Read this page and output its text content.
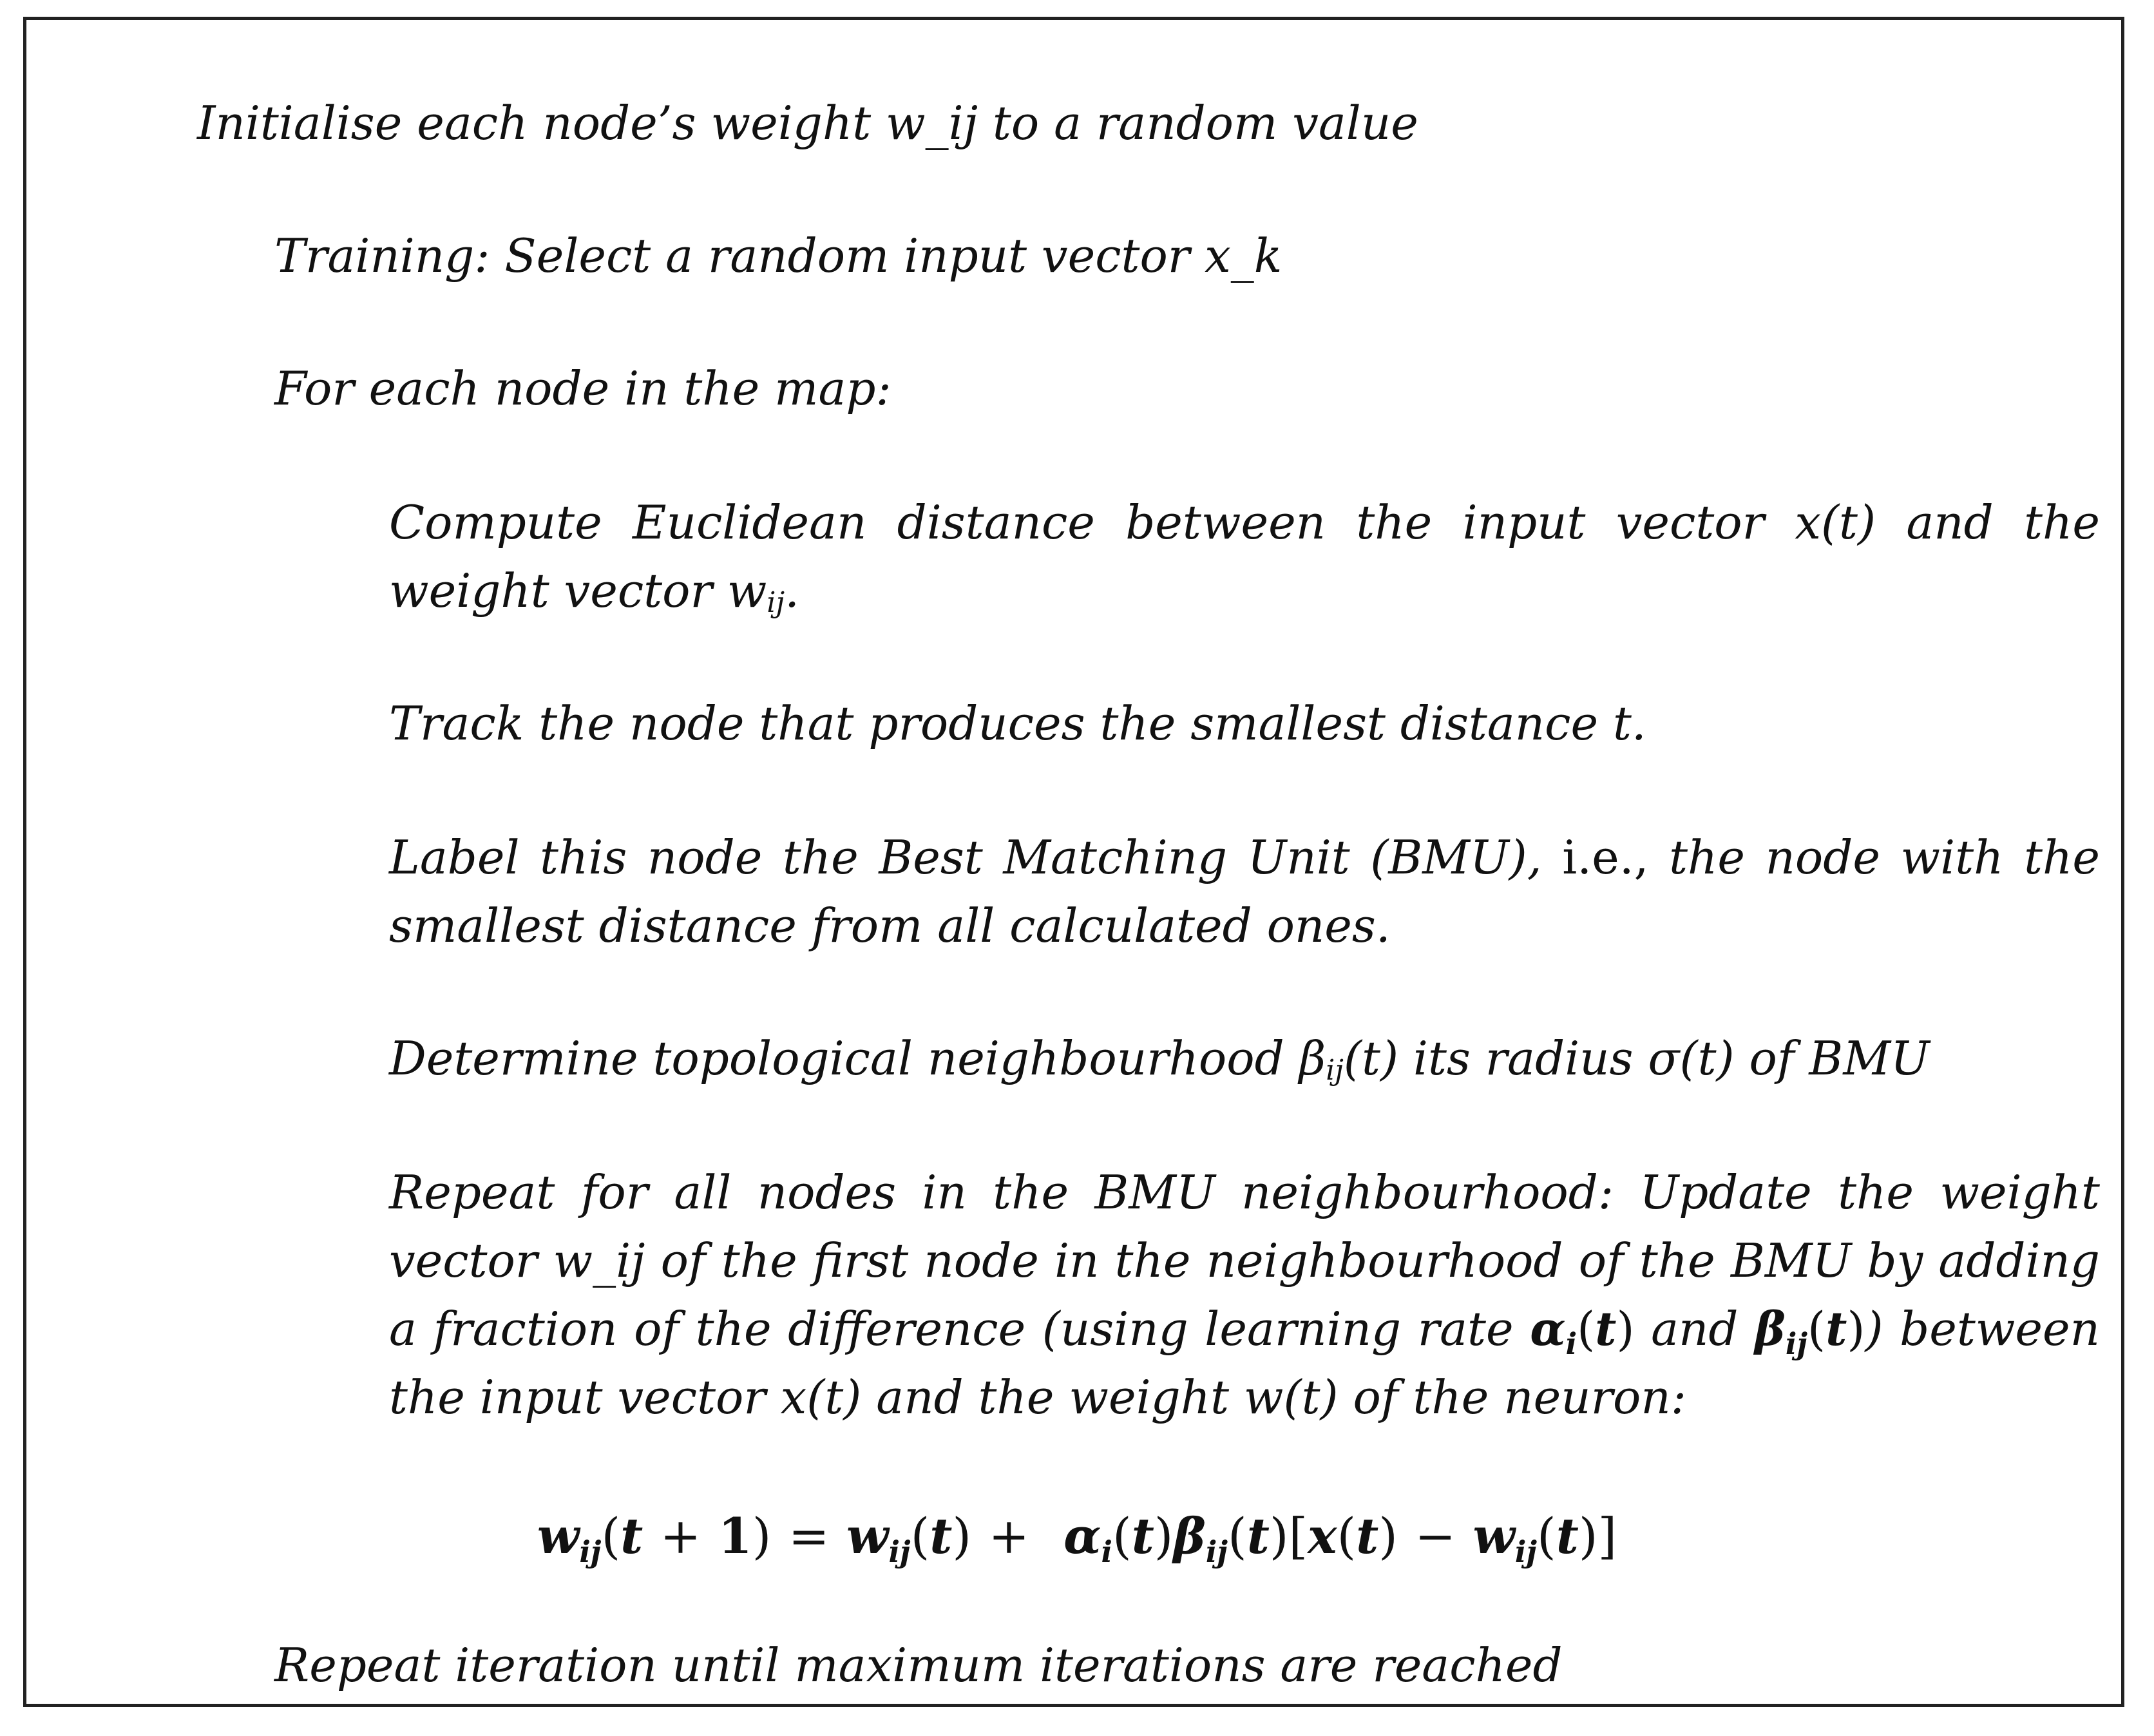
Initialise each node’s weight w_ij to a random value
Training: Select a random input vector x_k
For each node in the map:
Compute Euclidean distance between the input vector x(t) and the weight vector $w_{ij}$.
Track the node that produces the smallest distance t.
Label this node the Best Matching Unit (BMU), i.e., the node with the smallest distance from all calculated ones.
Determine topological neighbourhood $\beta_{ij}(t)$ its radius σ(t) of BMU
Repeat for all nodes in the BMU neighbourhood: Update the weight vector w_ij of the first node in the neighbourhood of the BMU by adding a fraction of the difference (using learning rate $\alpha_i(t)$ and $\beta_{ij}(t)$) between the input vector x(t) and the weight w(t) of the neuron:
$w_{ij}(t + 1) = w_{ij}(t) + \alpha_i(t)\beta_{ij}(t)[x(t) - w_{ij}(t)]$
Repeat iteration until maximum iterations are reached
